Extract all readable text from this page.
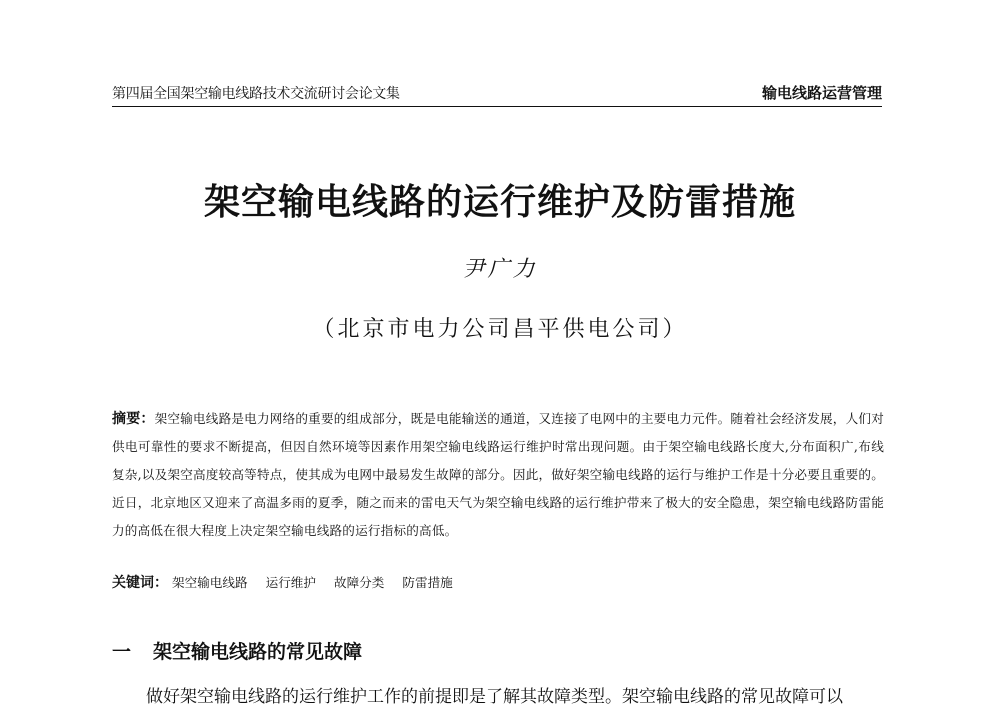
第四届全国架空输电线路技术交流研讨会论文集	输电线路运营管理
架空输电线路的运行维护及防雷措施
尹广力
（北京市电力公司昌平供电公司）
摘要：架空输电线路是电力网络的重要的组成部分，既是电能输送的通道，又连接了电网中的主要电力元件。随着社会经济发展，人们对供电可靠性的要求不断提高，但因自然环境等因素作用架空输电线路运行维护时常出现问题。由于架空输电线路长度大,分布面积广,布线复杂,以及架空高度较高等特点，使其成为电网中最易发生故障的部分。因此，做好架空输电线路的运行与维护工作是十分必要且重要的。近日，北京地区又迎来了高温多雨的夏季，随之而来的雷电天气为架空输电线路的运行维护带来了极大的安全隐患，架空输电线路防雷能力的高低在很大程度上决定架空输电线路的运行指标的高低。
关键词： 架空输电线路 运行维护 故障分类 防雷措施
一 架空输电线路的常见故障
做好架空输电线路的运行维护工作的前提即是了解其故障类型。架空输电线路的常见故障可以
